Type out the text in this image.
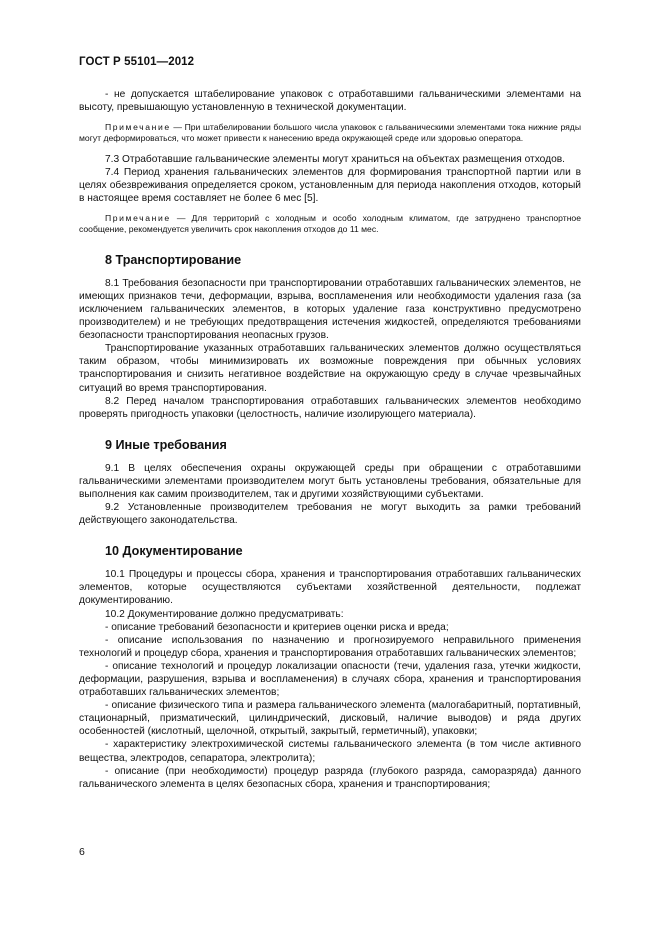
ГОСТ Р 55101—2012

- не допускается штабелирование упаковок с отработавшими гальваническими элементами на высоту, превышающую установленную в технической документации.

Примечание — При штабелировании большого числа упаковок с гальваническими элементами тока нижние ряды могут деформироваться, что может привести к нанесению вреда окружающей среде или здоровью оператора.

7.3 Отработавшие гальванические элементы могут храниться на объектах размещения отходов.

7.4 Период хранения гальванических элементов для формирования транспортной партии или в целях обезвреживания определяется сроком, установленным для периода накопления отходов, который в настоящее время составляет не более 6 мес [5].

Примечание — Для территорий с холодным и особо холодным климатом, где затруднено транспортное сообщение, рекомендуется увеличить срок накопления отходов до 11 мес.

8 Транспортирование

8.1 Требования безопасности при транспортировании отработавших гальванических элементов, не имеющих признаков течи, деформации, взрыва, воспламенения или необходимости удаления газа (за исключением гальванических элементов, в которых удаление газа конструктивно предусмотрено производителем) и не требующих предотвращения истечения жидкостей, определяются требованиями безопасности транспортирования неопасных грузов.

Транспортирование указанных отработавших гальванических элементов должно осуществляться таким образом, чтобы минимизировать их возможные повреждения при обычных условиях транспортирования и снизить негативное воздействие на окружающую среду в случае чрезвычайных ситуаций во время транспортирования.

8.2 Перед началом транспортирования отработавших гальванических элементов необходимо проверять пригодность упаковки (целостность, наличие изолирующего материала).

9 Иные требования

9.1 В целях обеспечения охраны окружающей среды при обращении с отработавшими гальваническими элементами производителем могут быть установлены требования, обязательные для выполнения как самим производителем, так и другими хозяйствующими субъектами.

9.2 Установленные производителем требования не могут выходить за рамки требований действующего законодательства.

10 Документирование

10.1 Процедуры и процессы сбора, хранения и транспортирования отработавших гальванических элементов, которые осуществляются субъектами хозяйственной деятельности, подлежат документированию.

10.2 Документирование должно предусматривать:

- описание требований безопасности и критериев оценки риска и вреда;

- описание использования по назначению и прогнозируемого неправильного применения технологий и процедур сбора, хранения и транспортирования отработавших гальванических элементов;

- описание технологий и процедур локализации опасности (течи, удаления газа, утечки жидкости, деформации, разрушения, взрыва и воспламенения) в случаях сбора, хранения и транспортирования отработавших гальванических элементов;

- описание физического типа и размера гальванического элемента (малогабаритный, портативный, стационарный, призматический, цилиндрический, дисковый, наличие выводов) и ряда других особенностей (кислотный, щелочной, открытый, закрытый, герметичный), упаковки;

- характеристику электрохимической системы гальванического элемента (в том числе активного вещества, электродов, сепаратора, электролита);

- описание (при необходимости) процедур разряда (глубокого разряда, саморазряда) данного гальванического элемента в целях безопасных сбора, хранения и транспортирования;

6
